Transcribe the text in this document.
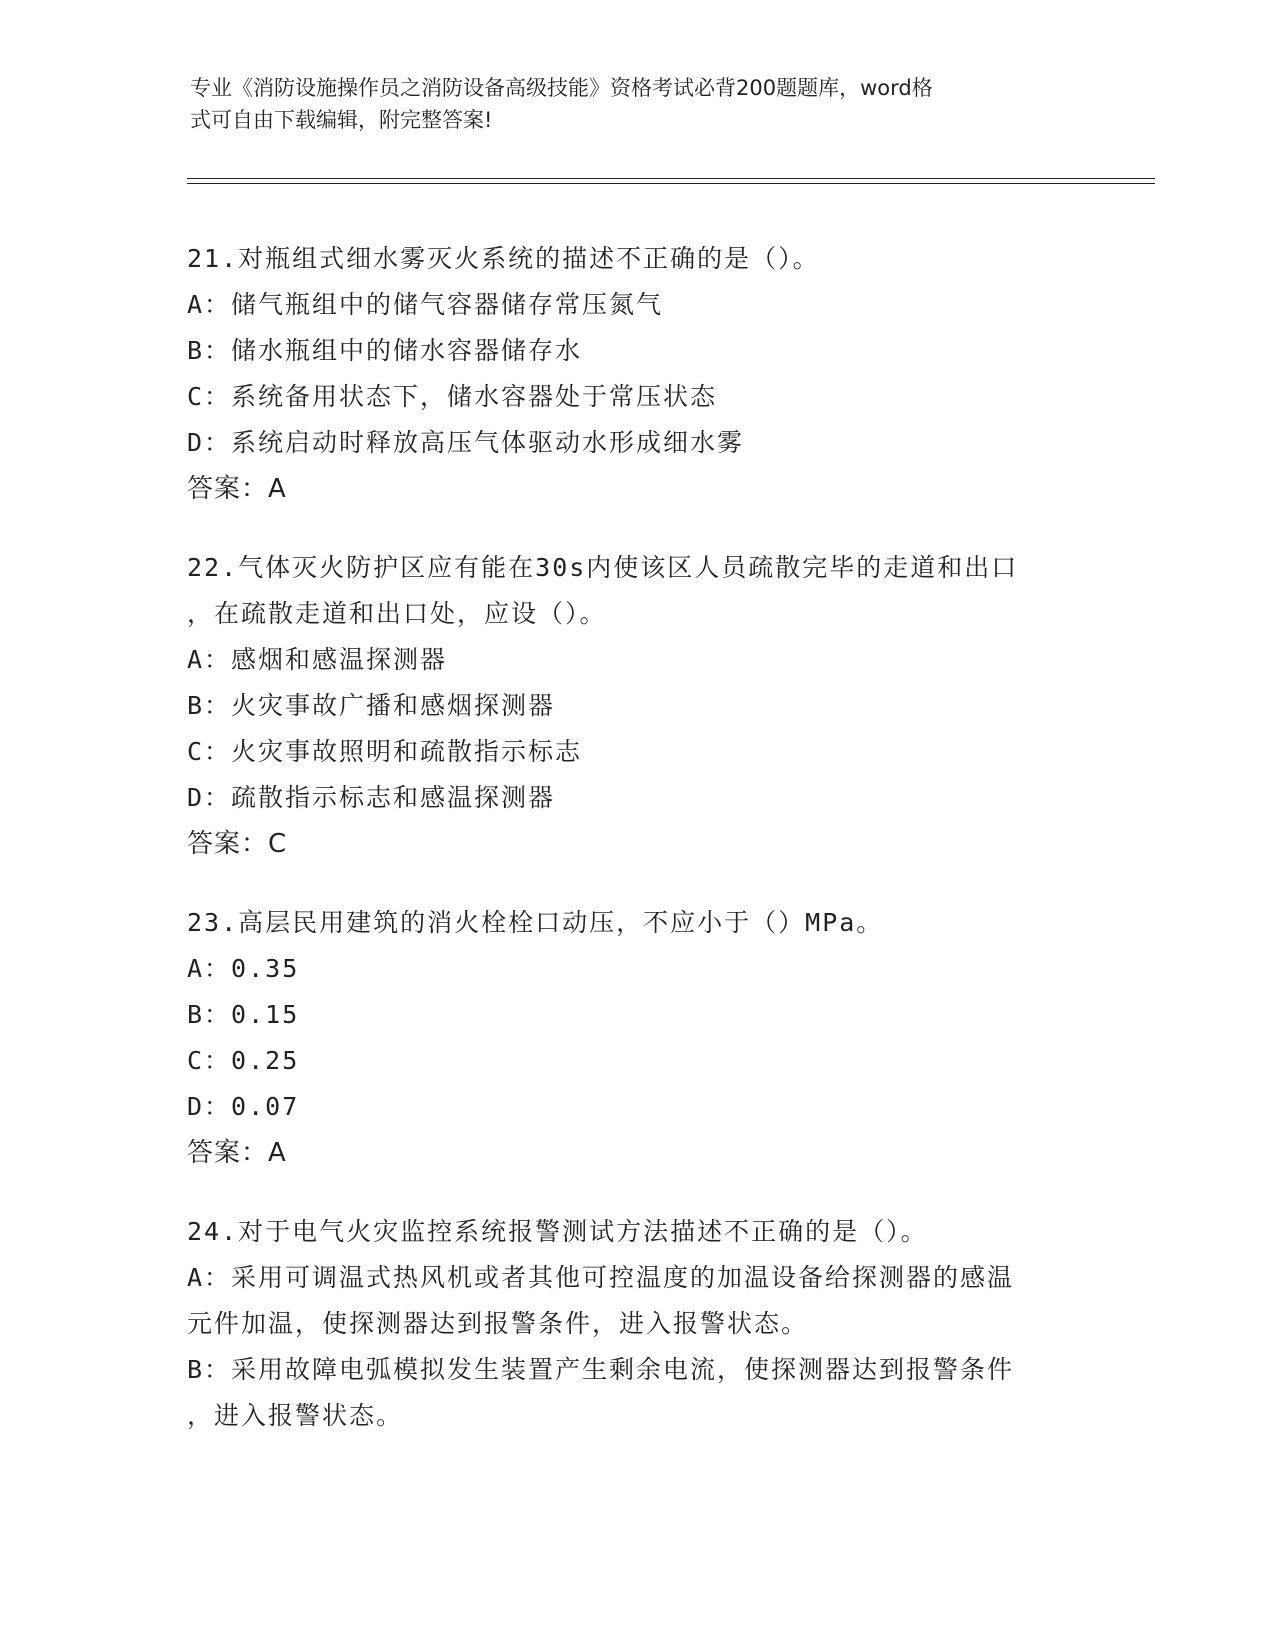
专业《消防设施操作员之消防设备高级技能》资格考试必背200题题库，word格
式可自由下载编辑，附完整答案!
21.对瓶组式细水雾灭火系统的描述不正确的是（）。
A：储气瓶组中的储气容器储存常压氮气
B：储水瓶组中的储水容器储存水
C：系统备用状态下，储水容器处于常压状态
D：系统启动时释放高压气体驱动水形成细水雾
答案：A
22.气体灭火防护区应有能在30s内使该区人员疏散完毕的走道和出口
，在疏散走道和出口处，应设（）。
A：感烟和感温探测器
B：火灾事故广播和感烟探测器
C：火灾事故照明和疏散指示标志
D：疏散指示标志和感温探测器
答案：C
23.高层民用建筑的消火栓栓口动压，不应小于（）MPa。
A：0.35
B：0.15
C：0.25
D：0.07
答案：A
24.对于电气火灾监控系统报警测试方法描述不正确的是（）。
A：采用可调温式热风机或者其他可控温度的加温设备给探测器的感温
元件加温，使探测器达到报警条件，进入报警状态。
B：采用故障电弧模拟发生装置产生剩余电流，使探测器达到报警条件
，进入报警状态。
